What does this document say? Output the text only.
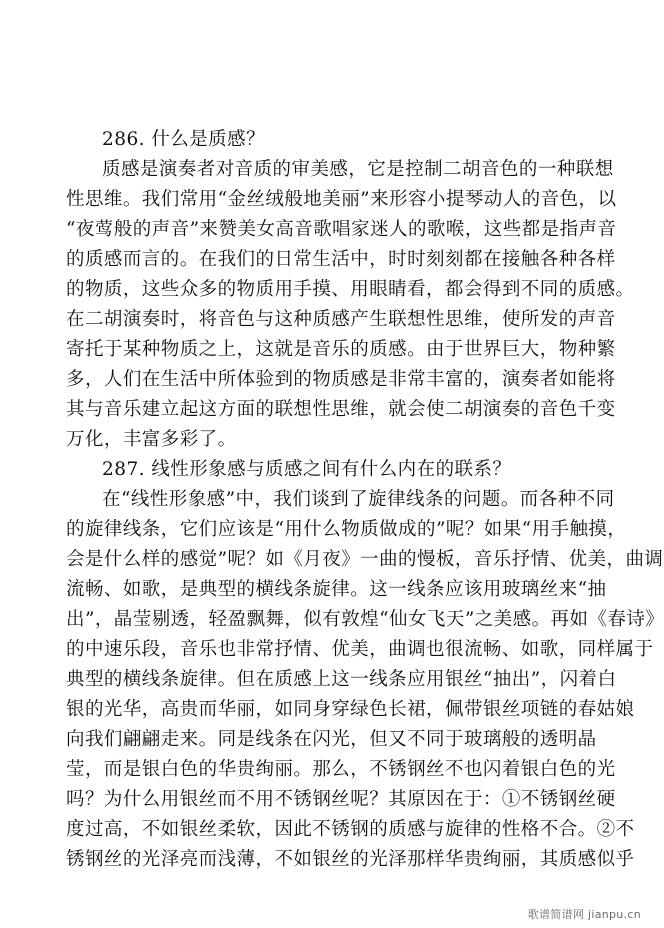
286. 什么是质感？
质感是演奏者对音质的审美感，它是控制二胡音色的一种联想
性思维。我们常用“金丝绒般地美丽”来形容小提琴动人的音色，以
“夜莺般的声音”来赞美女高音歌唱家迷人的歌喉，这些都是指声音
的质感而言的。在我们的日常生活中，时时刻刻都在接触各种各样
的物质，这些众多的物质用手摸、用眼睛看，都会得到不同的质感。
在二胡演奏时，将音色与这种质感产生联想性思维，使所发的声音
寄托于某种物质之上，这就是音乐的质感。由于世界巨大，物种繁
多，人们在生活中所体验到的物质感是非常丰富的，演奏者如能将
其与音乐建立起这方面的联想性思维，就会使二胡演奏的音色千变
万化，丰富多彩了。
287. 线性形象感与质感之间有什么内在的联系？
在“线性形象感”中，我们谈到了旋律线条的问题。而各种不同
的旋律线条，它们应该是“用什么物质做成的”呢？如果“用手触摸，
会是什么样的感觉”呢？如《月夜》一曲的慢板，音乐抒情、优美，曲调
流畅、如歌，是典型的横线条旋律。这一线条应该用玻璃丝来“抽
出”，晶莹剔透，轻盈飘舞，似有敦煌“仙女飞天”之美感。再如《春诗》
的中速乐段，音乐也非常抒情、优美，曲调也很流畅、如歌，同样属于
典型的横线条旋律。但在质感上这一线条应用银丝“抽出”，闪着白
银的光华，高贵而华丽，如同身穿绿色长裙，佩带银丝项链的春姑娘
向我们翩翩走来。同是线条在闪光，但又不同于玻璃般的透明晶
莹，而是银白色的华贵绚丽。那么，不锈钢丝不也闪着银白色的光
吗？为什么用银丝而不用不锈钢丝呢？其原因在于：①不锈钢丝硬
度过高，不如银丝柔软，因此不锈钢的质感与旋律的性格不合。②不
锈钢丝的光泽亮而浅薄，不如银丝的光泽那样华贵绚丽，其质感似乎
歌谱简谱网 jianpu.cn
